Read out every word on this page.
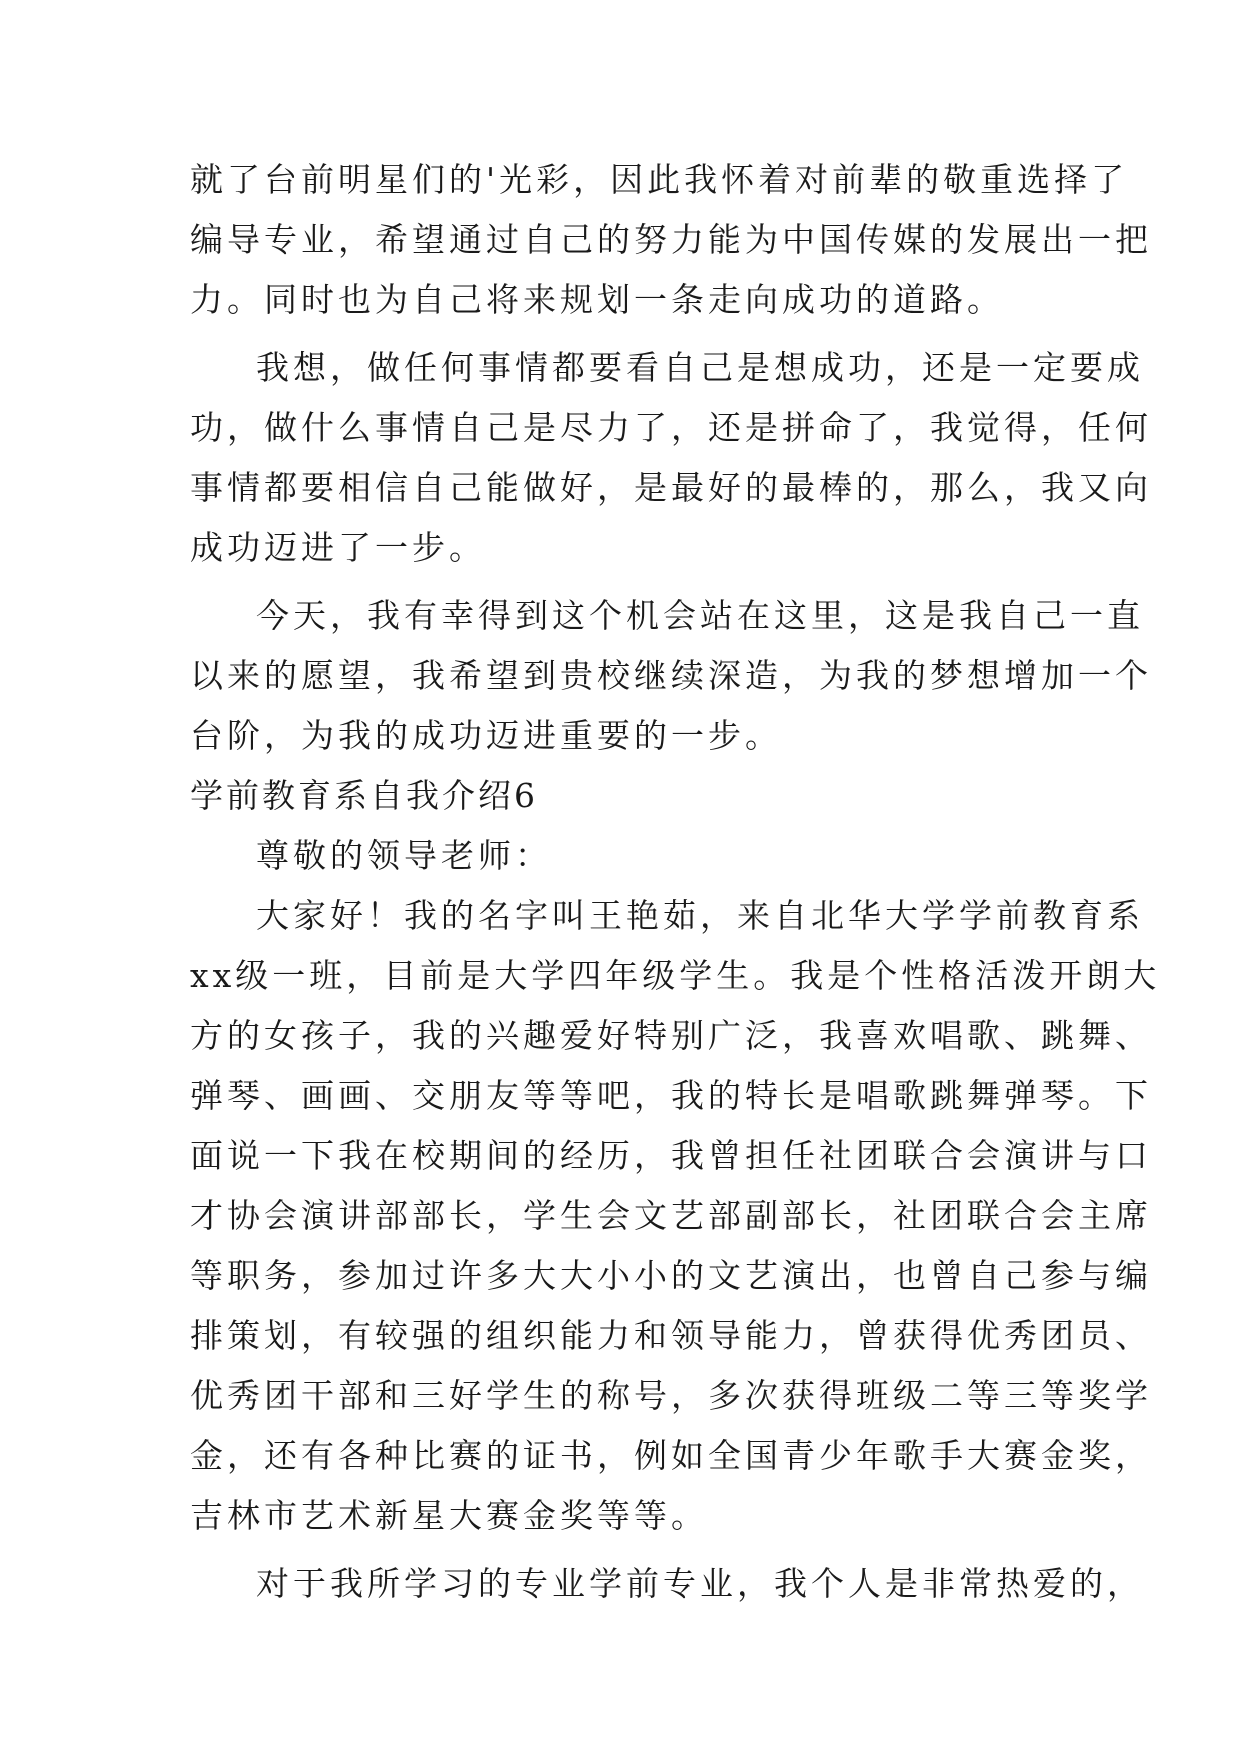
就了台前明星们的'光彩，因此我怀着对前辈的敬重选择了
编导专业，希望通过自己的努力能为中国传媒的发展出一把
力。同时也为自己将来规划一条走向成功的道路。
我想，做任何事情都要看自己是想成功，还是一定要成
功，做什么事情自己是尽力了，还是拼命了，我觉得，任何
事情都要相信自己能做好，是最好的最棒的，那么，我又向
成功迈进了一步。
今天，我有幸得到这个机会站在这里，这是我自己一直
以来的愿望，我希望到贵校继续深造，为我的梦想增加一个
台阶，为我的成功迈进重要的一步。
学前教育系自我介绍6
尊敬的领导老师：
大家好！我的名字叫王艳茹，来自北华大学学前教育系
xx级一班，目前是大学四年级学生。我是个性格活泼开朗大
方的女孩子，我的兴趣爱好特别广泛，我喜欢唱歌、跳舞、
弹琴、画画、交朋友等等吧，我的特长是唱歌跳舞弹琴。下
面说一下我在校期间的经历，我曾担任社团联合会演讲与口
才协会演讲部部长，学生会文艺部副部长，社团联合会主席
等职务，参加过许多大大小小的文艺演出，也曾自己参与编
排策划，有较强的组织能力和领导能力，曾获得优秀团员、
优秀团干部和三好学生的称号，多次获得班级二等三等奖学
金，还有各种比赛的证书，例如全国青少年歌手大赛金奖，
吉林市艺术新星大赛金奖等等。
对于我所学习的专业学前专业，我个人是非常热爱的，
